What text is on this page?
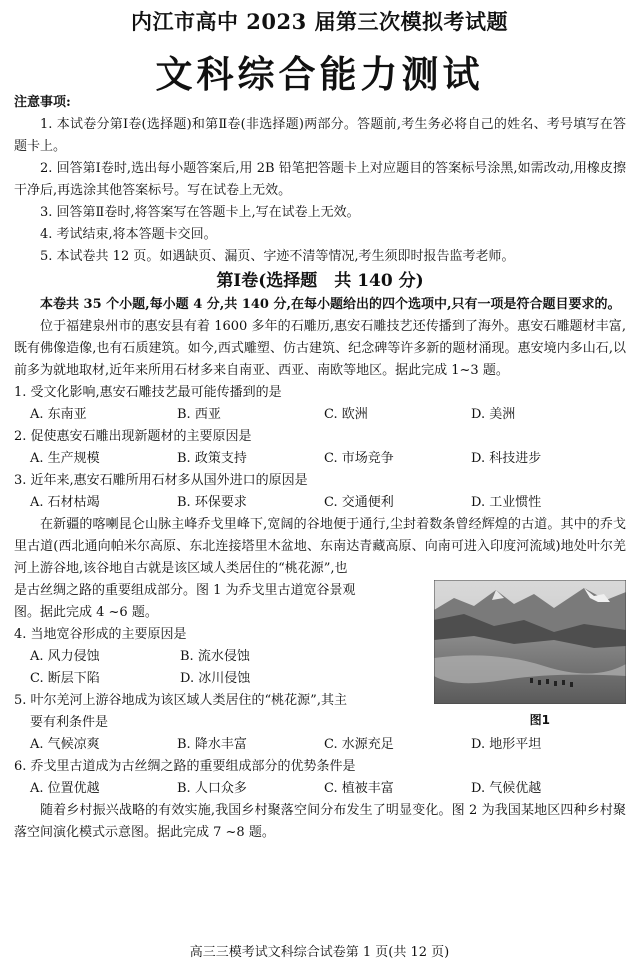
内江市高中 2023 届第三次模拟考试题
文科综合能力测试
注意事项:
1. 本试卷分第Ⅰ卷(选择题)和第Ⅱ卷(非选择题)两部分。答题前,考生务必将自己的姓名、考号填写在答题卡上。
2. 回答第Ⅰ卷时,选出每小题答案后,用 2B 铅笔把答题卡上对应题目的答案标号涂黑,如需改动,用橡皮擦干净后,再选涂其他答案标号。写在试卷上无效。
3. 回答第Ⅱ卷时,将答案写在答题卡上,写在试卷上无效。
4. 考试结束,将本答题卡交回。
5. 本试卷共 12 页。如遇缺页、漏页、字迹不清等情况,考生须即时报告监考老师。
第Ⅰ卷(选择题　共 140 分)
本卷共 35 个小题,每小题 4 分,共 140 分,在每小题给出的四个选项中,只有一项是符合题目要求的。
位于福建泉州市的惠安县有着 1600 多年的石雕历,惠安石雕技艺还传播到了海外。惠安石雕题材丰富,既有佛像造像,也有石质建筑。如今,西式雕塑、仿古建筑、纪念碑等许多新的题材涌现。惠安境内多山石,以前多为就地取材,近年来所用石材多来自南亚、西亚、南欧等地区。据此完成 1~3 题。
1. 受文化影响,惠安石雕技艺最可能传播到的是
A. 东南亚	B. 西亚	C. 欧洲	D. 美洲
2. 促使惠安石雕出现新题材的主要原因是
A. 生产规模	B. 政策支持	C. 市场竞争	D. 科技进步
3. 近年来,惠安石雕所用石材多从国外进口的原因是
A. 石材枯竭	B. 环保要求	C. 交通便利	D. 工业惯性
在新疆的喀喇昆仑山脉主峰乔戈里峰下,宽阔的谷地便于通行,尘封着数条曾经辉煌的古道。其中的乔戈里古道(西北通向帕米尔高原、东北连接塔里木盆地、东南达青藏高原、向南可进入印度河流域)地处叶尔羌河上游谷地,该谷地自古就是该区域人类居住的“桃花源”,也
是古丝绸之路的重要组成部分。图 1 为乔戈里古道宽谷景观
图。据此完成 4 ~6 题。
4. 当地宽谷形成的主要原因是
A. 风力侵蚀	B. 流水侵蚀
C. 断层下陷	D. 冰川侵蚀
5. 叶尔羌河上游谷地成为该区域人类居住的“桃花源”,其主
要有利条件是	图1
A. 气候凉爽	B. 降水丰富	C. 水源充足	D. 地形平坦
6. 乔戈里古道成为古丝绸之路的重要组成部分的优势条件是
A. 位置优越	B. 人口众多	C. 植被丰富	D. 气候优越
随着乡村振兴战略的有效实施,我国乡村聚落空间分布发生了明显变化。图 2 为我国某地区四种乡村聚落空间演化模式示意图。据此完成 7 ~8 题。
高三三模考试文科综合试卷第 1 页(共 12 页)
